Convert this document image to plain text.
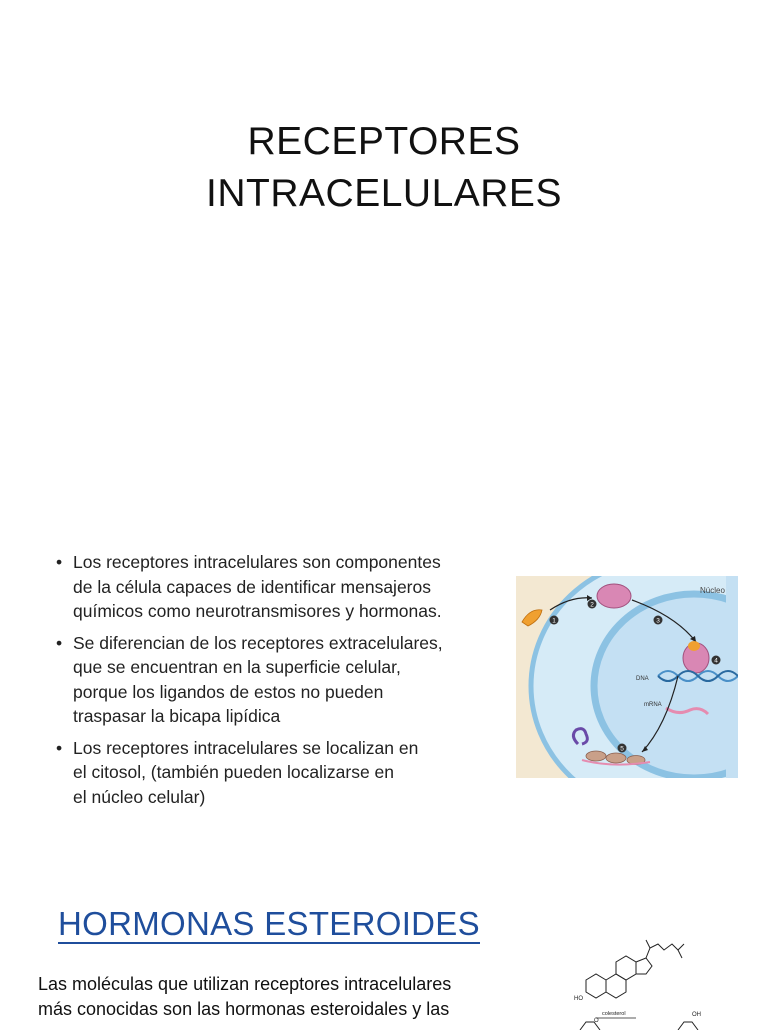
RECEPTORES
INTRACELULARES
• Los receptores intracelulares son componentes
de la célula capaces de identificar mensajeros
químicos como neurotransmisores y hormonas.
• Se diferencian de los receptores extracelulares,
que se encuentran en la superficie celular,
porque los ligandos de estos no pueden
traspasar la bicapa lipídica
• Los receptores intracelulares se localizan en
el citosol, (también pueden localizarse en
el núcleo celular)
Núcleo
1
2
3
4
DNA
mRNA
5
HORMONAS ESTEROIDES
Las moléculas que utilizan receptores intracelulares
más conocidas son las hormonas esteroidales y las	HO
colesterol
O
OH
